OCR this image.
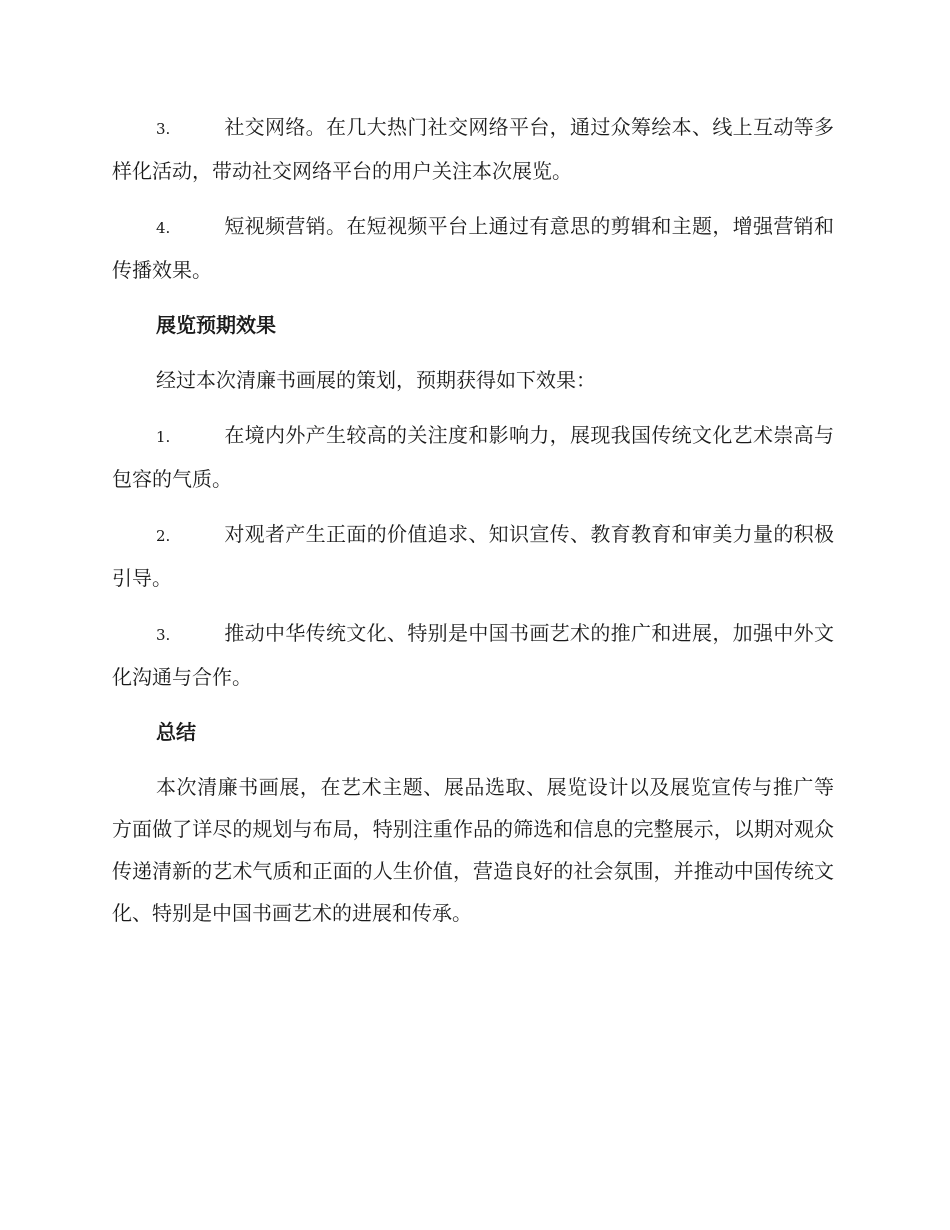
3.	社交网络。在几大热门社交网络平台，通过众筹绘本、线上互动等多样化活动，带动社交网络平台的用户关注本次展览。

4.	短视频营销。在短视频平台上通过有意思的剪辑和主题，增强营销和传播效果。

展览预期效果

经过本次清廉书画展的策划，预期获得如下效果：

1.	在境内外产生较高的关注度和影响力，展现我国传统文化艺术崇高与包容的气质。

2.	对观者产生正面的价值追求、知识宣传、教育教育和审美力量的积极引导。

3.	推动中华传统文化、特别是中国书画艺术的推广和进展，加强中外文化沟通与合作。

总结

本次清廉书画展，在艺术主题、展品选取、展览设计以及展览宣传与推广等方面做了详尽的规划与布局，特别注重作品的筛选和信息的完整展示，以期对观众传递清新的艺术气质和正面的人生价值，营造良好的社会氛围，并推动中国传统文化、特别是中国书画艺术的进展和传承。
